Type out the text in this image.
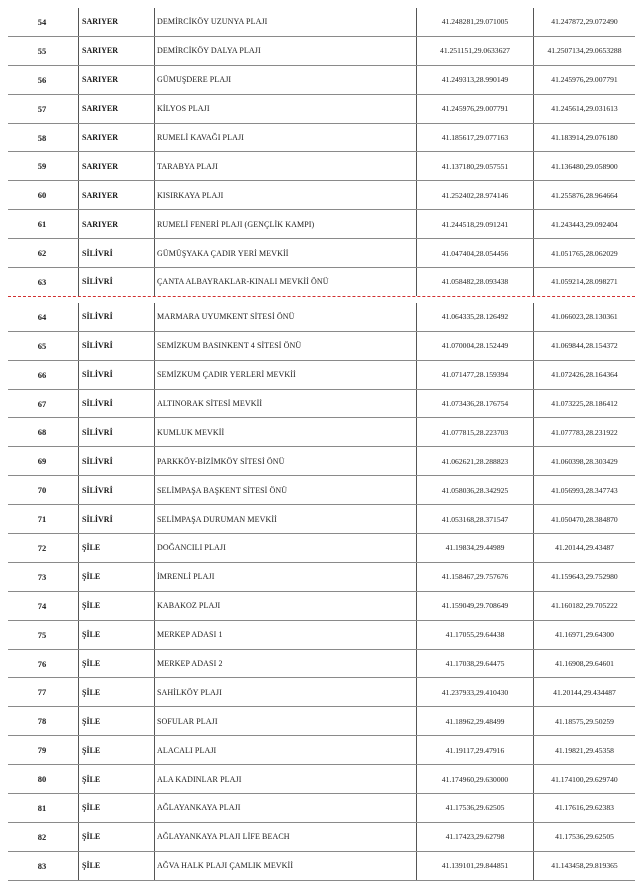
54	SARIYER	DEMİRCİKÖY UZUNYA PLAJI	41.248281,29.071005	41.247872,29.072490
55	SARIYER	DEMİRCİKÖY DALYA PLAJI	41.251151,29.0633627	41.2507134,29.0653288
56	SARIYER	GÜMUŞDERE PLAJI	41.249313,28.990149	41.245976,29.007791
57	SARIYER	KİLYOS PLAJI	41.245976,29.007791	41.245614,29.031613
58	SARIYER	RUMELİ KAVAĞI PLAJI	41.185617,29.077163	41.183914,29.076180
59	SARIYER	TARABYA PLAJI	41.137180,29.057551	41.136480,29.058900
60	SARIYER	KISIRKAYA PLAJI	41.252402,28.974146	41.255876,28.964664
61	SARIYER	RUMELİ FENERİ PLAJI (GENÇLİK KAMPI)	41.244518,29.091241	41.243443,29.092404
62	SİLİVRİ	GÜMÜŞYAKA ÇADIR YERİ MEVKİİ	41.047404,28.054456	41.051765,28.062029
63	SİLİVRİ	ÇANTA ALBAYRAKLAR-KINALI MEVKİİ ÖNÜ	41.058482,28.093438	41.059214,28.098271
64	SİLİVRİ	MARMARA UYUMKENT SİTESİ ÖNÜ	41.064335,28.126492	41.066023,28.130361
65	SİLİVRİ	SEMİZKUM BASINKENT 4 SİTESİ ÖNÜ	41.070004,28.152449	41.069844,28.154372
66	SİLİVRİ	SEMİZKUM ÇADIR YERLERİ MEVKİİ	41.071477,28.159394	41.072426,28.164364
67	SİLİVRİ	ALTINORAK SİTESİ MEVKİİ	41.073436,28.176754	41.073225,28.186412
68	SİLİVRİ	KUMLUK MEVKİİ	41.077815,28.223703	41.077783,28.231922
69	SİLİVRİ	PARKKÖY-BİZİMKÖY SİTESİ ÖNÜ	41.062621,28.288823	41.060398,28.303429
70	SİLİVRİ	SELİMPAŞA BAŞKENT SİTESİ ÖNÜ	41.058036,28.342925	41.056993,28.347743
71	SİLİVRİ	SELİMPAŞA DURUMAN MEVKİİ	41.053168,28.371547	41.050470,28.384870
72	ŞİLE	DOĞANCILI PLAJI	41.19834,29.44989	41.20144,29.43487
73	ŞİLE	İMRENLİ PLAJI	41.158467,29.757676	41.159643,29.752980
74	ŞİLE	KABAKOZ PLAJI	41.159049,29.708649	41.160182,29.705222
75	ŞİLE	MERKEP ADASI 1	41.17055,29.64438	41.16971,29.64300
76	ŞİLE	MERKEP ADASI 2	41.17038,29.64475	41.16908,29.64601
77	ŞİLE	SAHİLKÖY PLAJI	41.237933,29.410430	41.20144,29.434487
78	ŞİLE	SOFULAR PLAJI	41.18962,29.48499	41.18575,29.50259
79	ŞİLE	ALACALI PLAJI	41.19117,29.47916	41.19821,29.45358
80	ŞİLE	ALA KADINLAR PLAJI	41.174960,29.630000	41.174100,29.629740
81	ŞİLE	AĞLAYANKAYA PLAJI	41.17536,29.62505	41.17616,29.62383
82	ŞİLE	AĞLAYANKAYA PLAJI LİFE BEACH	41.17423,29.62798	41.17536,29.62505
83	ŞİLE	AĞVA HALK PLAJI ÇAMLIK MEVKİİ	41.139101,29.844851	41.143458,29.819365
